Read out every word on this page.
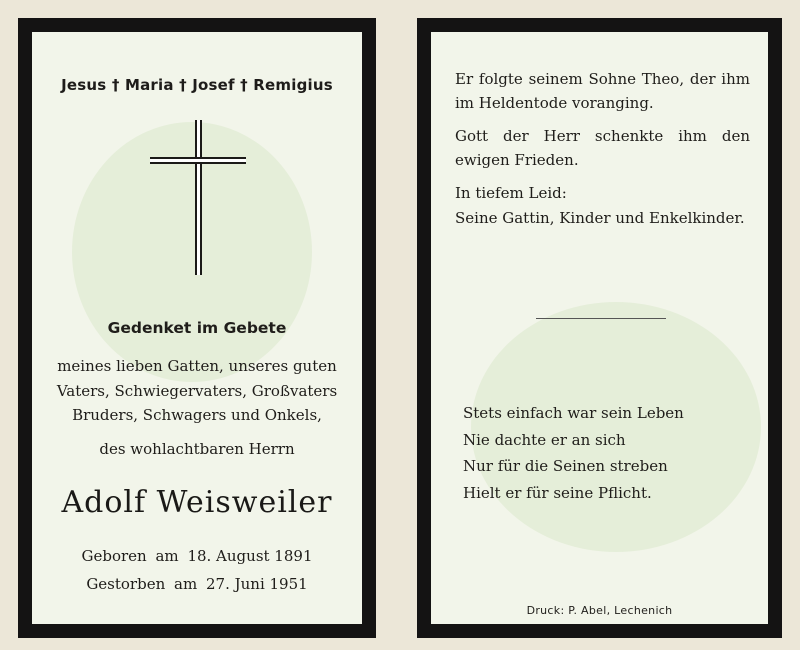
Jesus † Maria † Josef † Remigius
Gedenket im Gebete
meines lieben Gatten, unseres guten
Vaters, Schwiegervaters, Großvaters
Bruders, Schwagers und Onkels,
des wohlachtbaren Herrn
Adolf Weisweiler
Geboren am 18. August 1891
Gestorben am 27. Juni 1951
Er folgte seinem Sohne Theo, der ihm im Heldentode voranging.
Gott der Herr schenkte ihm den ewigen Frieden.
In tiefem Leid:
Seine Gattin, Kinder und Enkelkinder.
Stets einfach war sein Leben
Nie dachte er an sich
Nur für die Seinen streben
Hielt er für seine Pflicht.
Druck: P. Abel, Lechenich
